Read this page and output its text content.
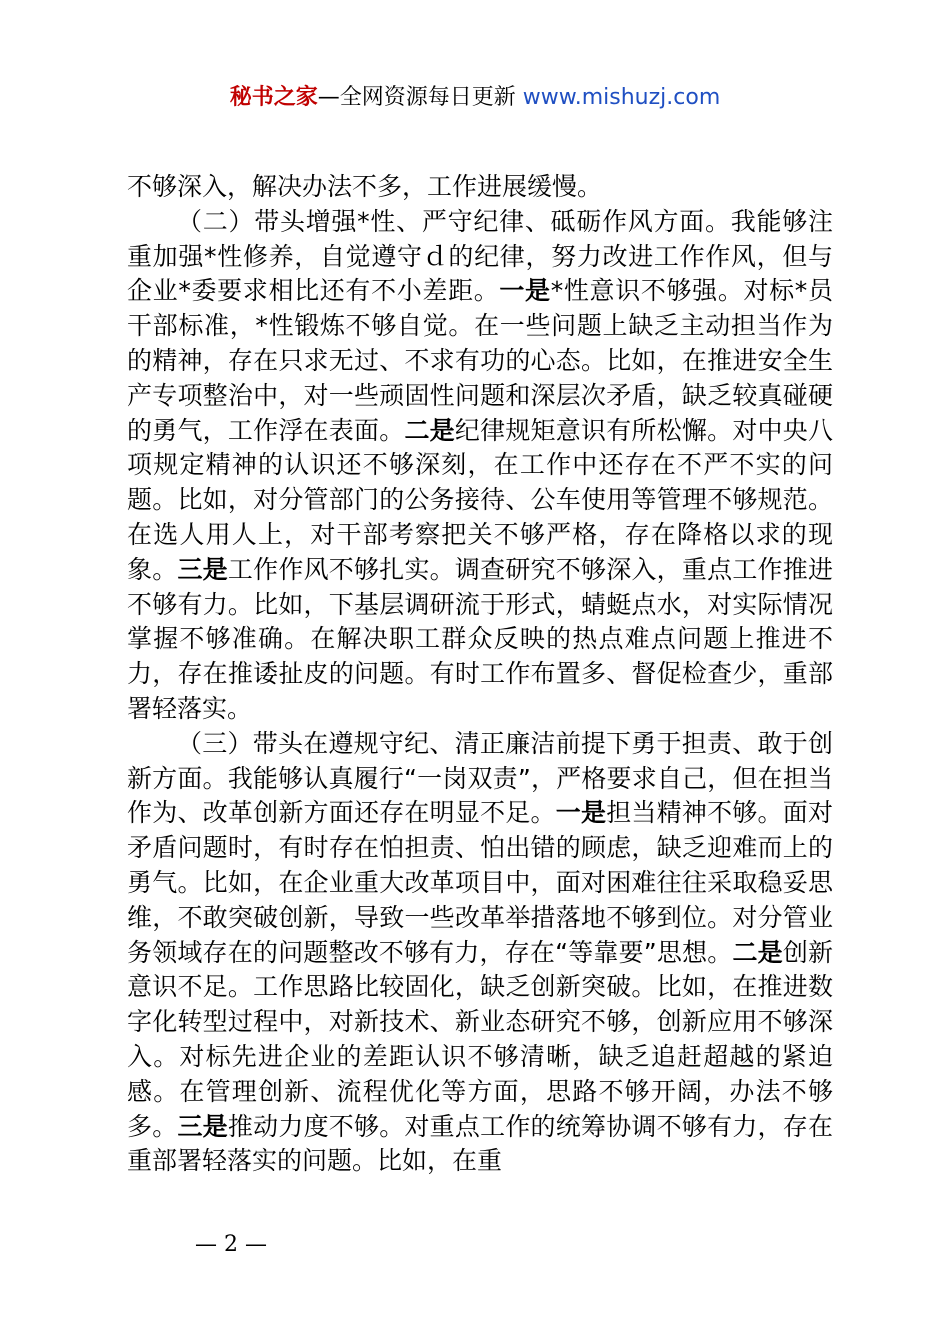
秘书之家—全网资源每日更新 www.mishuzj.com

不够深入，解决办法不多，工作进展缓慢。

（二）带头增强*性、严守纪律、砥砺作风方面。我能够注重加强*性修养，自觉遵守ｄ的纪律，努力改进工作作风，但与企业*委要求相比还有不小差距。一是*性意识不够强。对标*员干部标准，*性锻炼不够自觉。在一些问题上缺乏主动担当作为的精神，存在只求无过、不求有功的心态。比如，在推进安全生产专项整治中，对一些顽固性问题和深层次矛盾，缺乏较真碰硬的勇气，工作浮在表面。二是纪律规矩意识有所松懈。对中央八项规定精神的认识还不够深刻，在工作中还存在不严不实的问题。比如，对分管部门的公务接待、公车使用等管理不够规范。在选人用人上，对干部考察把关不够严格，存在降格以求的现象。三是工作作风不够扎实。调查研究不够深入，重点工作推进不够有力。比如，下基层调研流于形式，蜻蜓点水，对实际情况掌握不够准确。在解决职工群众反映的热点难点问题上推进不力，存在推诿扯皮的问题。有时工作布置多、督促检查少，重部署轻落实。

（三）带头在遵规守纪、清正廉洁前提下勇于担责、敢于创新方面。我能够认真履行“一岗双责”，严格要求自己，但在担当作为、改革创新方面还存在明显不足。一是担当精神不够。面对矛盾问题时，有时存在怕担责、怕出错的顾虑，缺乏迎难而上的勇气。比如，在企业重大改革项目中，面对困难往往采取稳妥思维，不敢突破创新，导致一些改革举措落地不够到位。对分管业务领域存在的问题整改不够有力，存在“等靠要”思想。二是创新意识不足。工作思路比较固化，缺乏创新突破。比如，在推进数字化转型过程中，对新技术、新业态研究不够，创新应用不够深入。对标先进企业的差距认识不够清晰，缺乏追赶超越的紧迫感。在管理创新、流程优化等方面，思路不够开阔，办法不够多。三是推动力度不够。对重点工作的统筹协调不够有力，存在重部署轻落实的问题。比如，在重

— 2 —
